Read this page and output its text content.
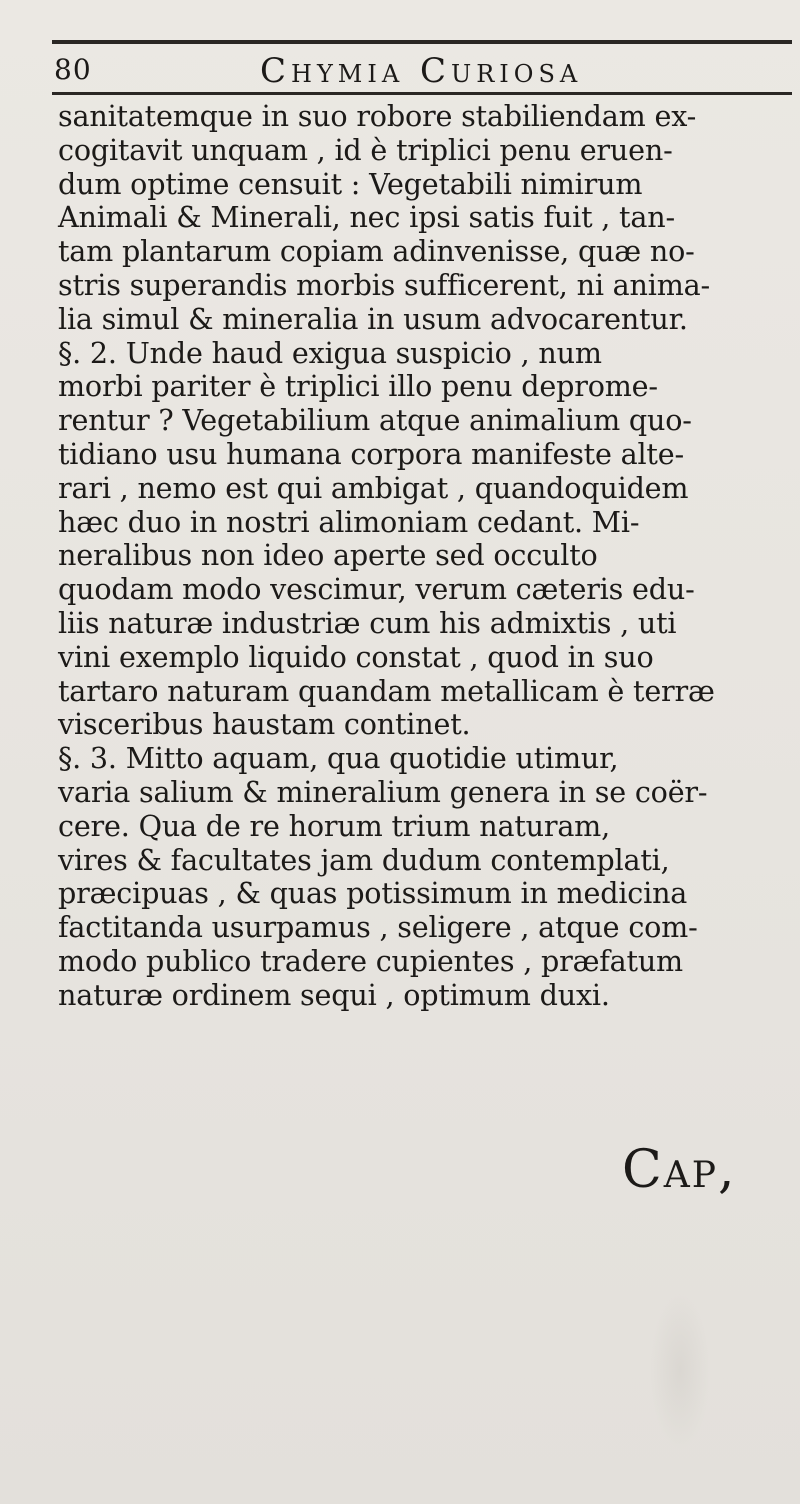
80	Chymia Curiosa
sanitatemque in suo robore stabiliendam ex-
cogitavit unquam , id è triplici penu eruen-
dum optime censuit : Vegetabili nimirum
Animali & Minerali, nec ipsi satis fuit , tan-
tam plantarum copiam adinvenisse, quæ no-
stris superandis morbis sufficerent, ni anima-
lia simul & mineralia in usum advocarentur.
§. 2. Unde haud exigua suspicio , num
morbi pariter è triplici illo penu deprome-
rentur ? Vegetabilium atque animalium quo-
tidiano usu humana corpora manifeste alte-
rari , nemo est qui ambigat , quandoquidem
hæc duo in nostri alimoniam cedant. Mi-
neralibus non ideo aperte sed occulto
quodam modo vescimur, verum cæteris edu-
liis naturæ industriæ cum his admixtis , uti
vini exemplo liquido constat , quod in suo
tartaro naturam quandam metallicam è terræ
visceribus haustam continet.
§. 3. Mitto aquam, qua quotidie utimur,
varia salium & mineralium genera in se coër-
cere. Qua de re horum trium naturam,
vires & facultates jam dudum contemplati,
præcipuas , & quas potissimum in medicina
factitanda usurpamus , seligere , atque com-
modo publico tradere cupientes , præfatum
naturæ ordinem sequi , optimum duxi.
Cap,
